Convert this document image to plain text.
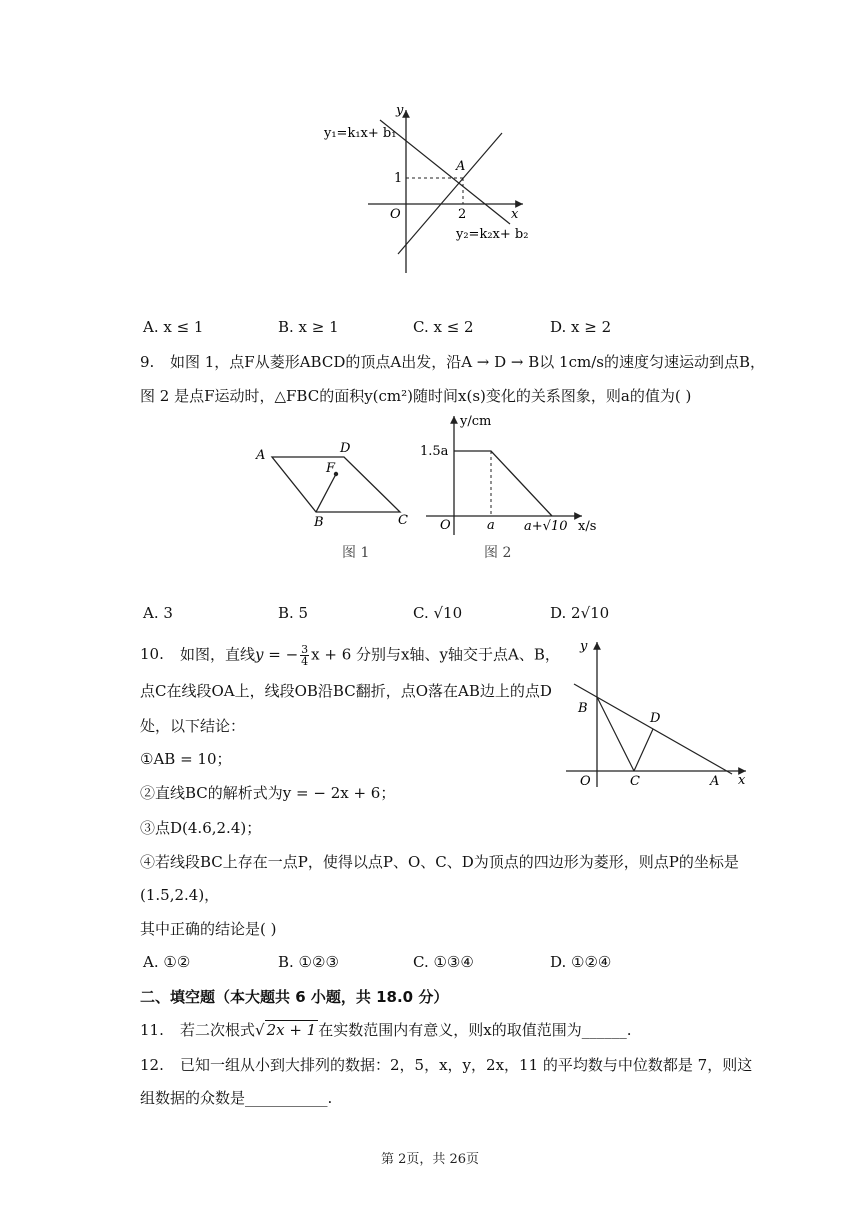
y
x
O
y₁=k₁x+ b₁
y₂=k₂x+ b₂
A
1
2
A. x ≤ 1	B. x ≥ 1	C. x ≤ 2	D. x ≥ 2
9. 如图 1，点F从菱形ABCD的顶点A出发，沿A → D → B以 1cm/s的速度匀速运动到点B，
图 2 是点F运动时，△FBC的面积y(cm²)随时间x(s)变化的关系图象，则a的值为( )
A	D
F
B	C
图 1
y/cm
1.5a
O	a a+√10 x/s
图 2
A. 3	B. 5	C. √10	D. 2√10
10. 如图，直线y = − $\frac{3}{4}$ x + 6 分别与x轴、y轴交于点A、B，
点C在线段OA上，线段OB沿BC翻折，点O落在AB边上的点D
处，以下结论：
①AB = 10；
②直线BC的解析式为y = − 2x + 6；
③点D(4.6,2.4)；
④若线段BC上存在一点P，使得以点P、O、C、D为顶点的四边形为菱形，则点P的坐标是
(1.5,2.4)，
其中正确的结论是( )
y
x
O
B
D
C	A
A. ①②	B. ①②③	C. ①③④	D. ①②④
二、填空题（本大题共 6 小题，共 18.0 分）
11. 若二次根式√ 2x + 1 在实数范围内有意义，则x的取值范围为______.
12. 已知一组从小到大排列的数据：2，5，x，y，2x，11 的平均数与中位数都是 7，则这
组数据的众数是___________.
第 2页，共 26页
